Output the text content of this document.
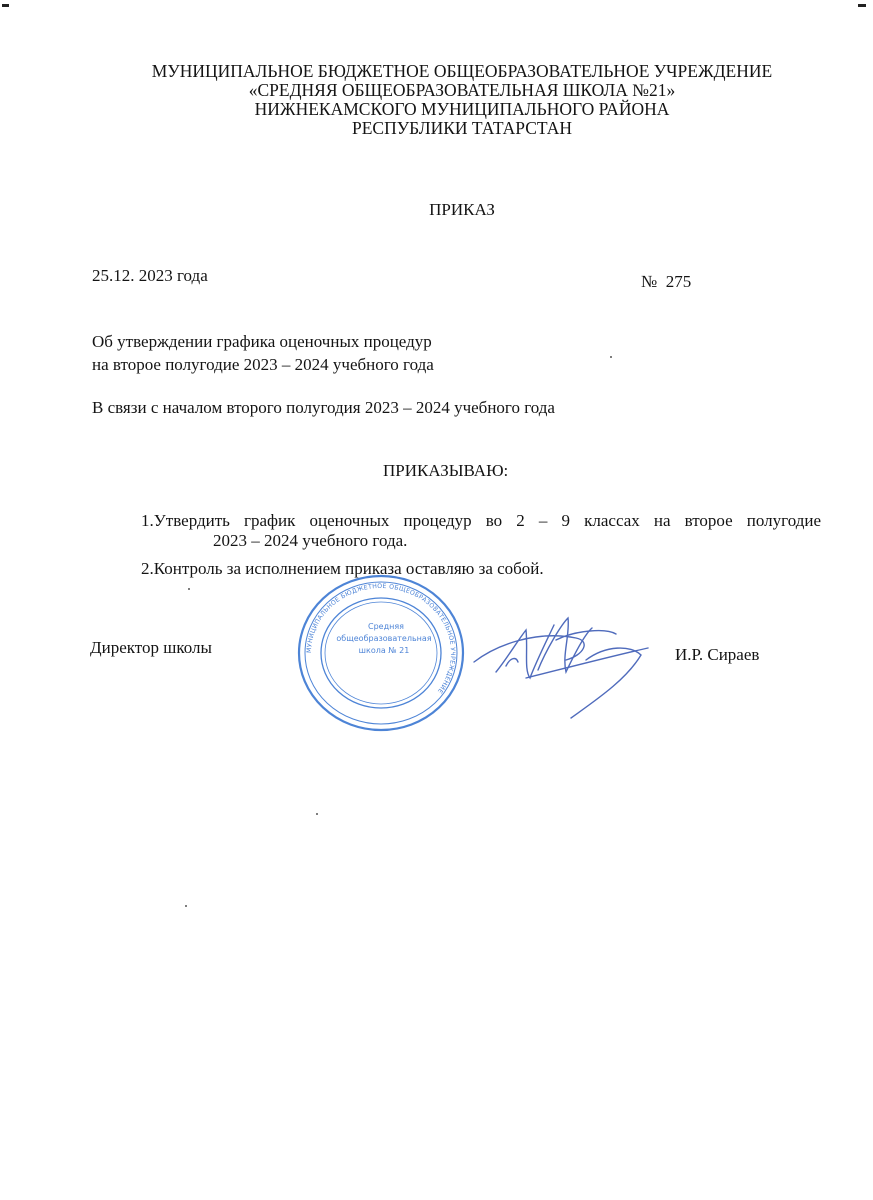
МУНИЦИПАЛЬНОЕ БЮДЖЕТНОЕ ОБЩЕОБРАЗОВАТЕЛЬНОЕ УЧРЕЖДЕНИЕ
«СРЕДНЯЯ ОБЩЕОБРАЗОВАТЕЛЬНАЯ ШКОЛА №21»
НИЖНЕКАМСКОГО МУНИЦИПАЛЬНОГО РАЙОНА
РЕСПУБЛИКИ ТАТАРСТАН
ПРИКАЗ
25.12. 2023 года	№  275
Об утверждении графика оценочных процедур
на второе полугодие 2023 – 2024 учебного года
В связи с началом второго полугодия 2023 – 2024 учебного года
ПРИКАЗЫВАЮ:
1.Утвердить график оценочных процедур во 2 – 9 классах на второе полугодие
2023 – 2024 учебного года.
2.Контроль за исполнением приказа оставляю за собой.
Директор школы	И.Р. Сираев
МУНИЦИПАЛЬНОЕ БЮДЖЕТНОЕ ОБЩЕОБРАЗОВАТЕЛЬНОЕ УЧРЕЖДЕНИЕ
Средняя
общеобразовательная
школа № 21
